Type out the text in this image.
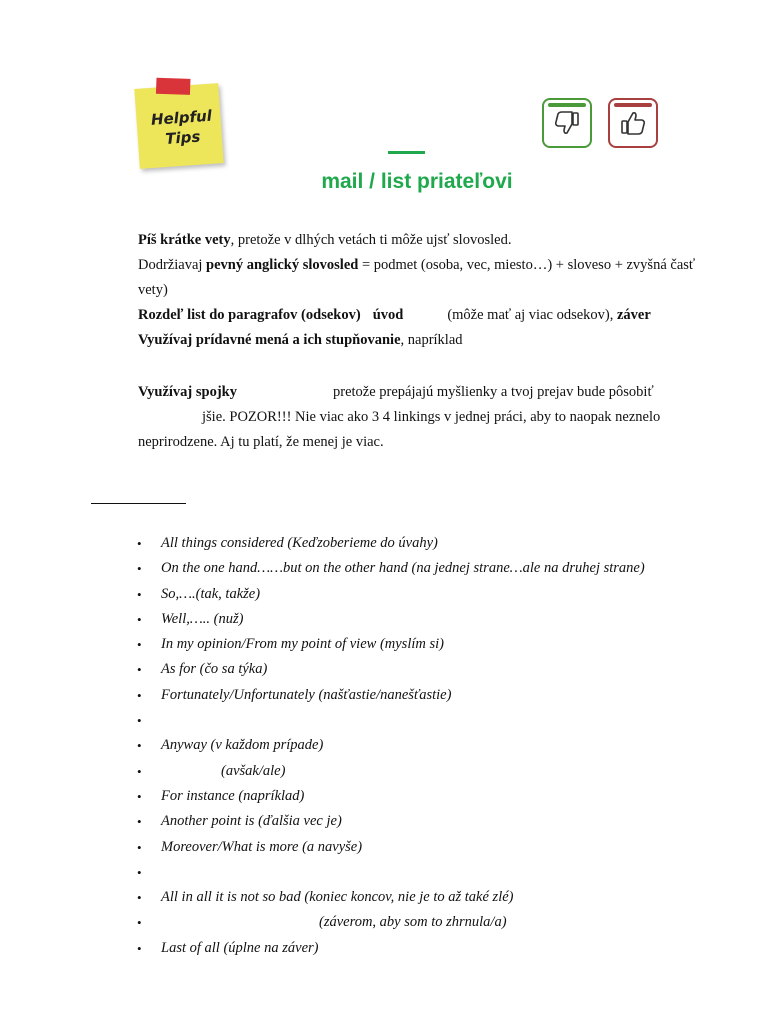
Helpful Tips
mail / list priateľovi
Píš krátke vety, pretože v dlhých vetách ti môže ujsť slovosled.
Dodržiavaj pevný anglický slovosled = podmet (osoba, vec, miesto…) + sloveso + zvyšná časť vety)
Rozdeľ list do paragrafov (odsekov) úvod	(môže mať aj viac odsekov), záver
Využívaj prídavné mená a ich stupňovanie, napríklad
Využívaj spojky	pretože prepájajú myšlienky a tvoj prejav bude pôsobiť
jšie. POZOR!!! Nie viac ako 3 4 linkings v jednej práci, aby to naopak neznelo neprirodzene. Aj tu platí, že menej je viac.
• All things considered (Keďzoberieme do úvahy)
• On the one hand……but on the other hand (na jednej strane…ale na druhej strane)
• So,….(tak, takže)
• Well,….. (nuž)
• In my opinion/From my point of view (myslím si)
• As for (čo sa týka)
• Fortunately/Unfortunately (našťastie/nanešťastie)
•
• Anyway (v každom prípade)
• (avšak/ale)
• For instance (napríklad)
• Another point is (ďalšia vec je)
• Moreover/What is more (a navyše)
•
• All in all it is not so bad (koniec koncov, nie je to až také zlé)
• (záverom, aby som to zhrnula/a)
• Last of all (úplne na záver)
